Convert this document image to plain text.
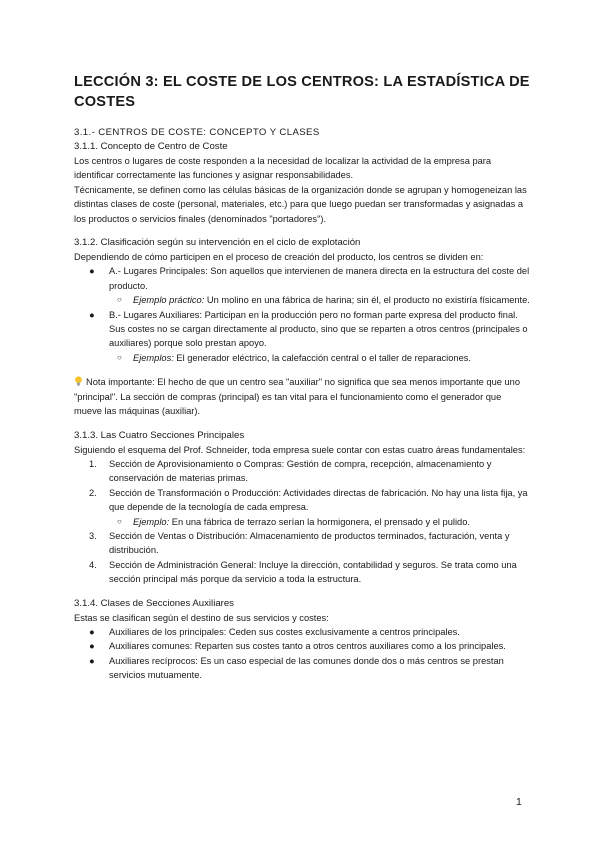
LECCIÓN 3: EL COSTE DE LOS CENTROS: LA ESTADÍSTICA DE COSTES

3.1.- CENTROS DE COSTE: CONCEPTO Y CLASES

3.1.1. Concepto de Centro de Coste

Los centros o lugares de coste responden a la necesidad de localizar la actividad de la empresa para identificar correctamente las funciones y asignar responsabilidades.

Técnicamente, se definen como las células básicas de la organización donde se agrupan y homogeneizan las distintas clases de coste (personal, materiales, etc.) para que luego puedan ser transformadas y asignadas a los productos o servicios finales (denominados "portadores").

3.1.2. Clasificación según su intervención en el ciclo de explotación

Dependiendo de cómo participen en el proceso de creación del producto, los centros se dividen en:

● A.- Lugares Principales: Son aquellos que intervienen de manera directa en la estructura del coste del producto.
○ Ejemplo práctico: Un molino en una fábrica de harina; sin él, el producto no existiría físicamente.
● B.- Lugares Auxiliares: Participan en la producción pero no forman parte expresa del producto final. Sus costes no se cargan directamente al producto, sino que se reparten a otros centros (principales o auxiliares) porque solo prestan apoyo.
○ Ejemplos: El generador eléctrico, la calefacción central o el taller de reparaciones.

Nota importante: El hecho de que un centro sea "auxiliar" no significa que sea menos importante que uno "principal". La sección de compras (principal) es tan vital para el funcionamiento como el generador que mueve las máquinas (auxiliar).

3.1.3. Las Cuatro Secciones Principales

Siguiendo el esquema del Prof. Schneider, toda empresa suele contar con estas cuatro áreas fundamentales:

1.	Sección de Aprovisionamiento o Compras: Gestión de compra, recepción, almacenamiento y conservación de materias primas.
2.	Sección de Transformación o Producción: Actividades directas de fabricación. No hay una lista fija, ya que depende de la tecnología de cada empresa.
○ Ejemplo: En una fábrica de terrazo serían la hormigonera, el prensado y el pulido.
3.	Sección de Ventas o Distribución: Almacenamiento de productos terminados, facturación, venta y distribución.
4.	Sección de Administración General: Incluye la dirección, contabilidad y seguros. Se trata como una sección principal más porque da servicio a toda la estructura.

3.1.4. Clases de Secciones Auxiliares

Estas se clasifican según el destino de sus servicios y costes:

● Auxiliares de los principales: Ceden sus costes exclusivamente a centros principales.
● Auxiliares comunes: Reparten sus costes tanto a otros centros auxiliares como a los principales.
● Auxiliares recíprocos: Es un caso especial de las comunes donde dos o más centros se prestan servicios mutuamente.
1
